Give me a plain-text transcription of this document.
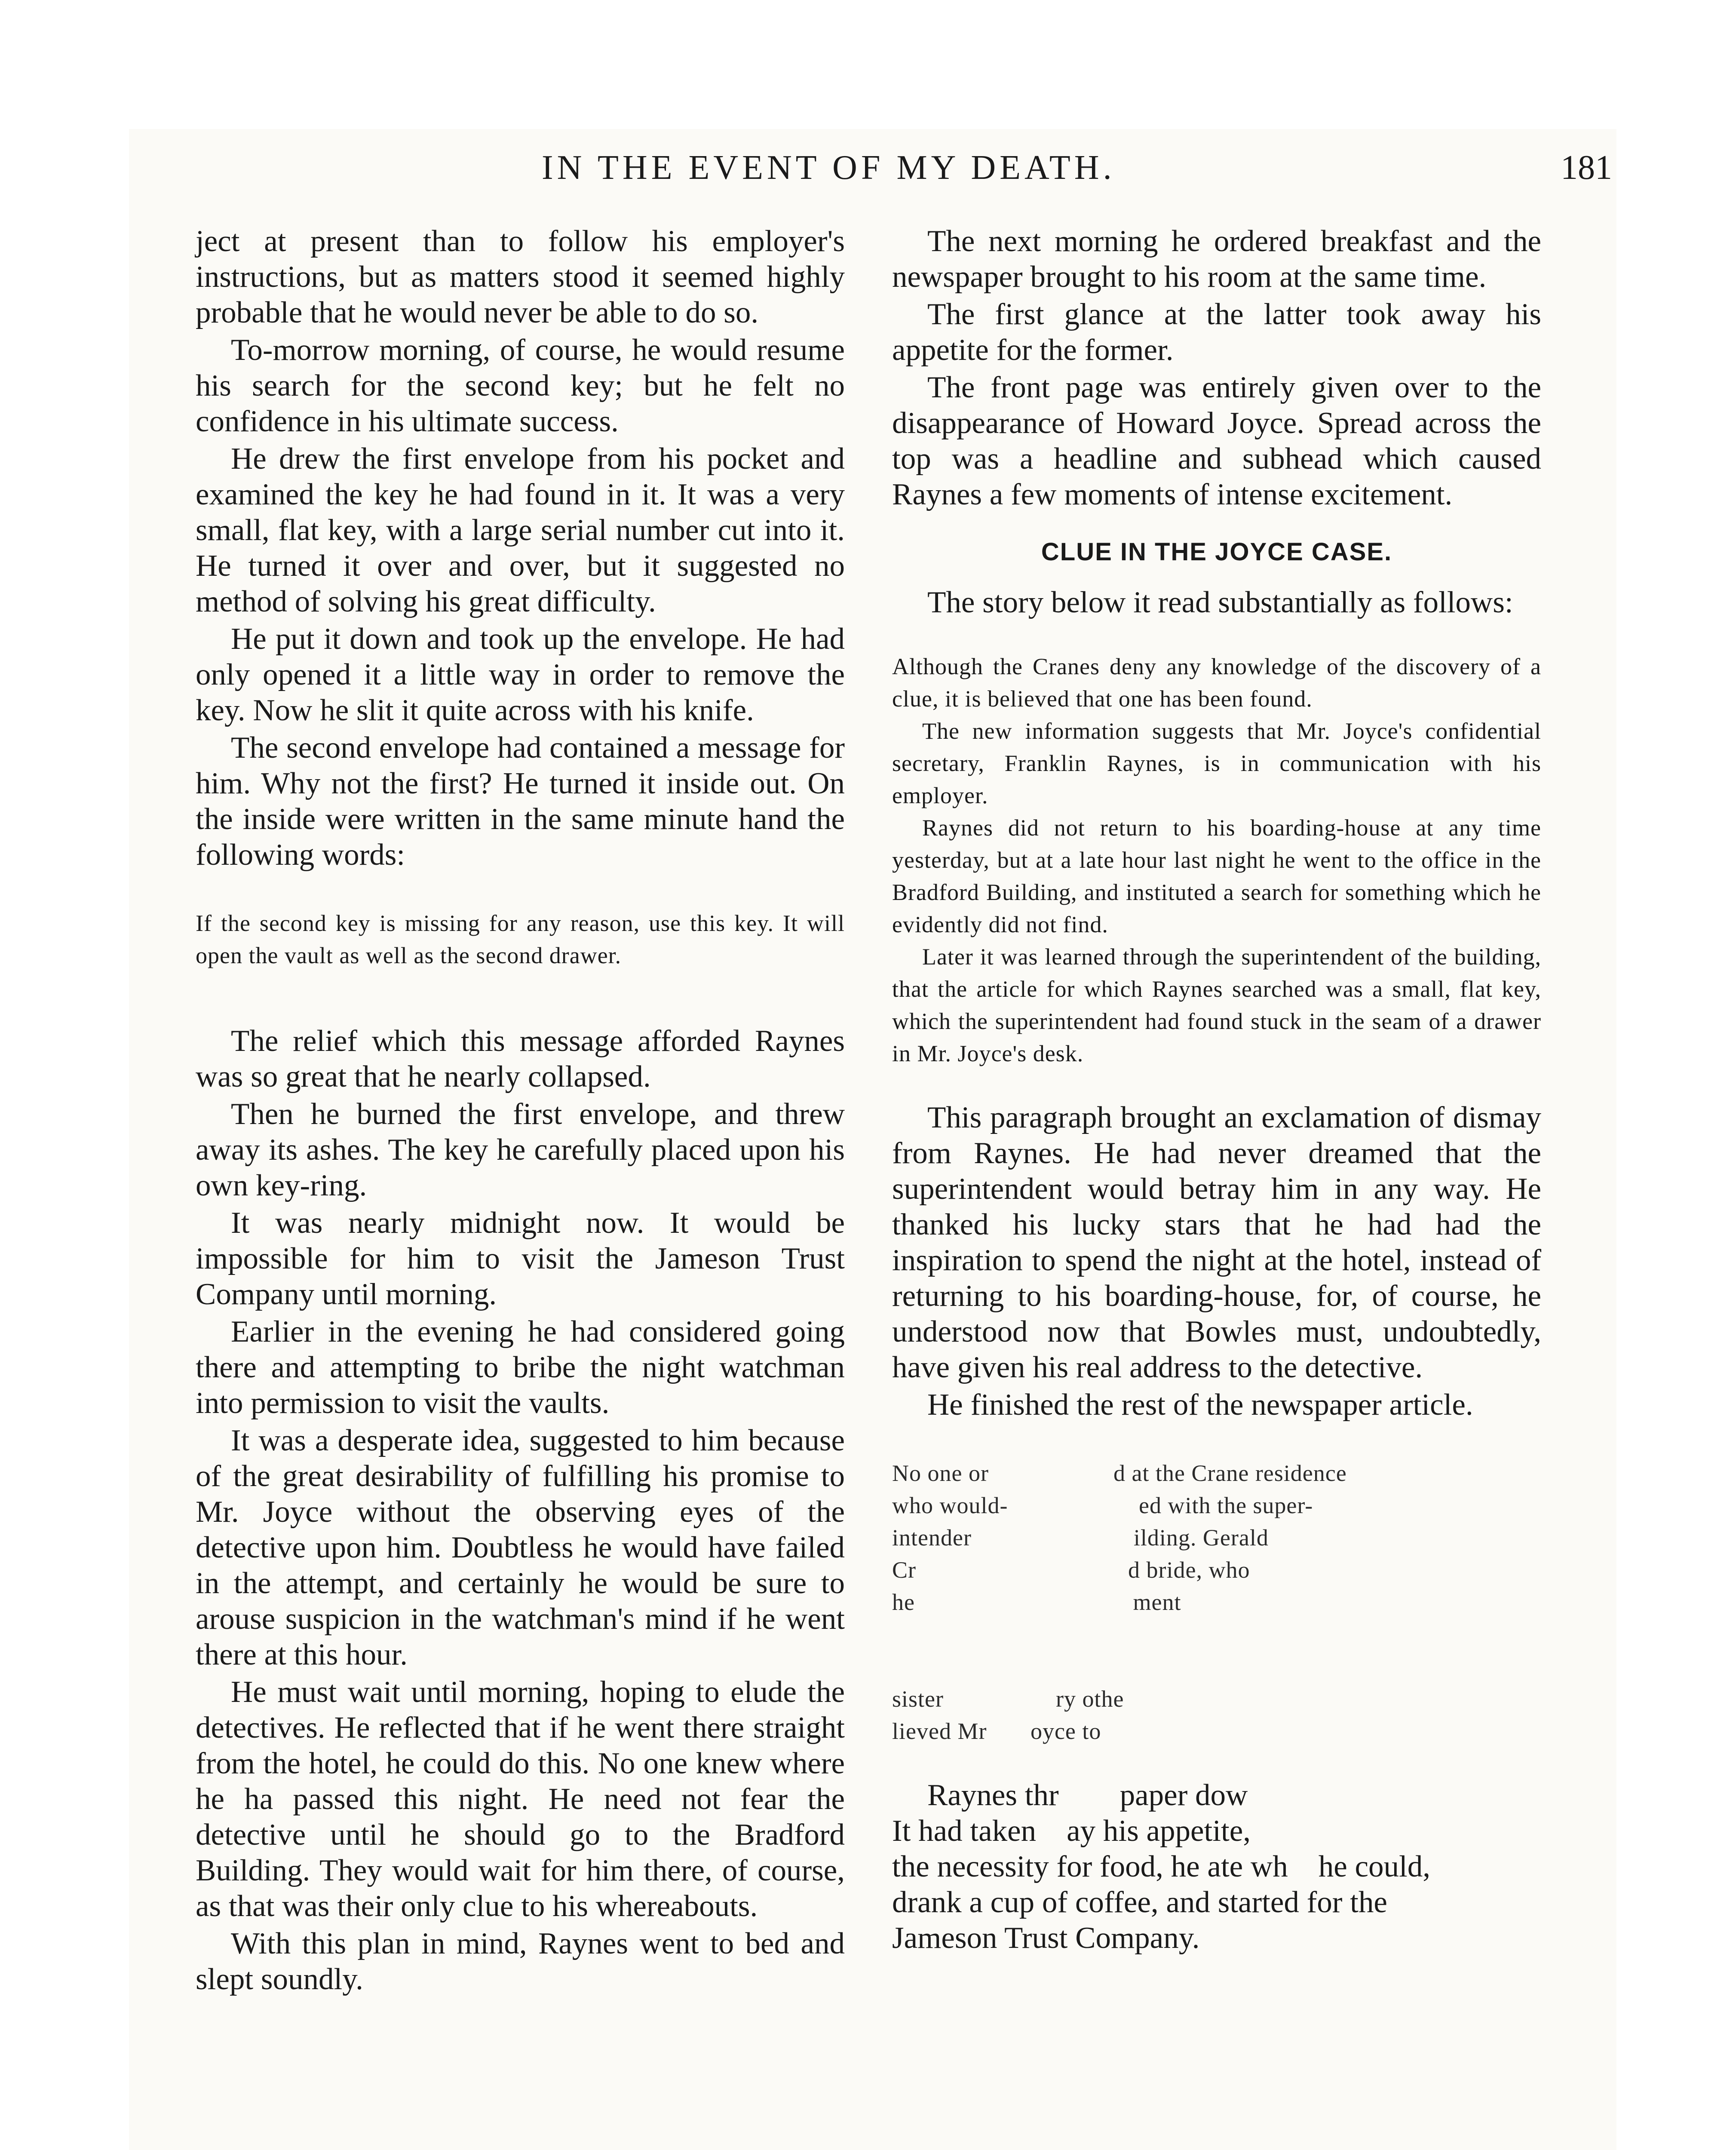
IN THE EVENT OF MY DEATH.	181

ject at present than to follow his employer's instructions, but as matters stood it seemed highly probable that he would never be able to do so.

To-morrow morning, of course, he would resume his search for the second key; but he felt no confidence in his ultimate success.

He drew the first envelope from his pocket and examined the key he had found in it. It was a very small, flat key, with a large serial number cut into it. He turned it over and over, but it suggested no method of solving his great difficulty.

He put it down and took up the envelope. He had only opened it a little way in order to remove the key. Now he slit it quite across with his knife.

The second envelope had contained a message for him. Why not the first? He turned it inside out. On the inside were written in the same minute hand the following words:

If the second key is missing for any reason, use this key. It will open the vault as well as the second drawer.

The relief which this message afforded Raynes was so great that he nearly collapsed.

Then he burned the first envelope, and threw away its ashes. The key he carefully placed upon his own key-ring.

It was nearly midnight now. It would be impossible for him to visit the Jameson Trust Company until morning.

Earlier in the evening he had considered going there and attempting to bribe the night watchman into permission to visit the vaults.

It was a desperate idea, suggested to him because of the great desirability of fulfilling his promise to Mr. Joyce without the observing eyes of the detective upon him. Doubtless he would have failed in the attempt, and certainly he would be sure to arouse suspicion in the watchman's mind if he went there at this hour.

He must wait until morning, hoping to elude the detectives. He reflected that if he went there straight from the hotel, he could do this. No one knew where he ha passed this night. He need not fear the detective until he should go to the Bradford Building. They would wait for him there, of course, as that was their only clue to his whereabouts.

With this plan in mind, Raynes went to bed and slept soundly.

The next morning he ordered breakfast and the newspaper brought to his room at the same time.

The first glance at the latter took away his appetite for the former.

The front page was entirely given over to the disappearance of Howard Joyce. Spread across the top was a headline and subhead which caused Raynes a few moments of intense excitement.

CLUE IN THE JOYCE CASE.

The story below it read substantially as follows:

Although the Cranes deny any knowledge of the discovery of a clue, it is believed that one has been found.

The new information suggests that Mr. Joyce's confidential secretary, Franklin Raynes, is in communication with his employer.

Raynes did not return to his boarding-house at any time yesterday, but at a late hour last night he went to the office in the Bradford Building, and instituted a search for something which he evidently did not find.

Later it was learned through the superintendent of the building, that the article for which Raynes searched was a small, flat key, which the superintendent had found stuck in the seam of a drawer in Mr. Joyce's desk.

This paragraph brought an exclamation of dismay from Raynes. He had never dreamed that the superintendent would betray him in any way. He thanked his lucky stars that he had had the inspiration to spend the night at the hotel, instead of returning to his boarding-house, for, of course, he understood now that Bowles must, undoubtedly, have given his real address to the detective.

He finished the rest of the newspaper article.

No one or                    d at the Crane residence
who would-                     ed with the super-
intender                          ilding. Gerald
Cr                                  d bride, who
he                                   ment
sister                  ry othe
lieved Mr       oyce to
Raynes thr        paper dow
It had taken    ay his appetite,
the necessity for food, he ate wh    he could,
drank a cup of coffee, and started for the
Jameson Trust Company.
